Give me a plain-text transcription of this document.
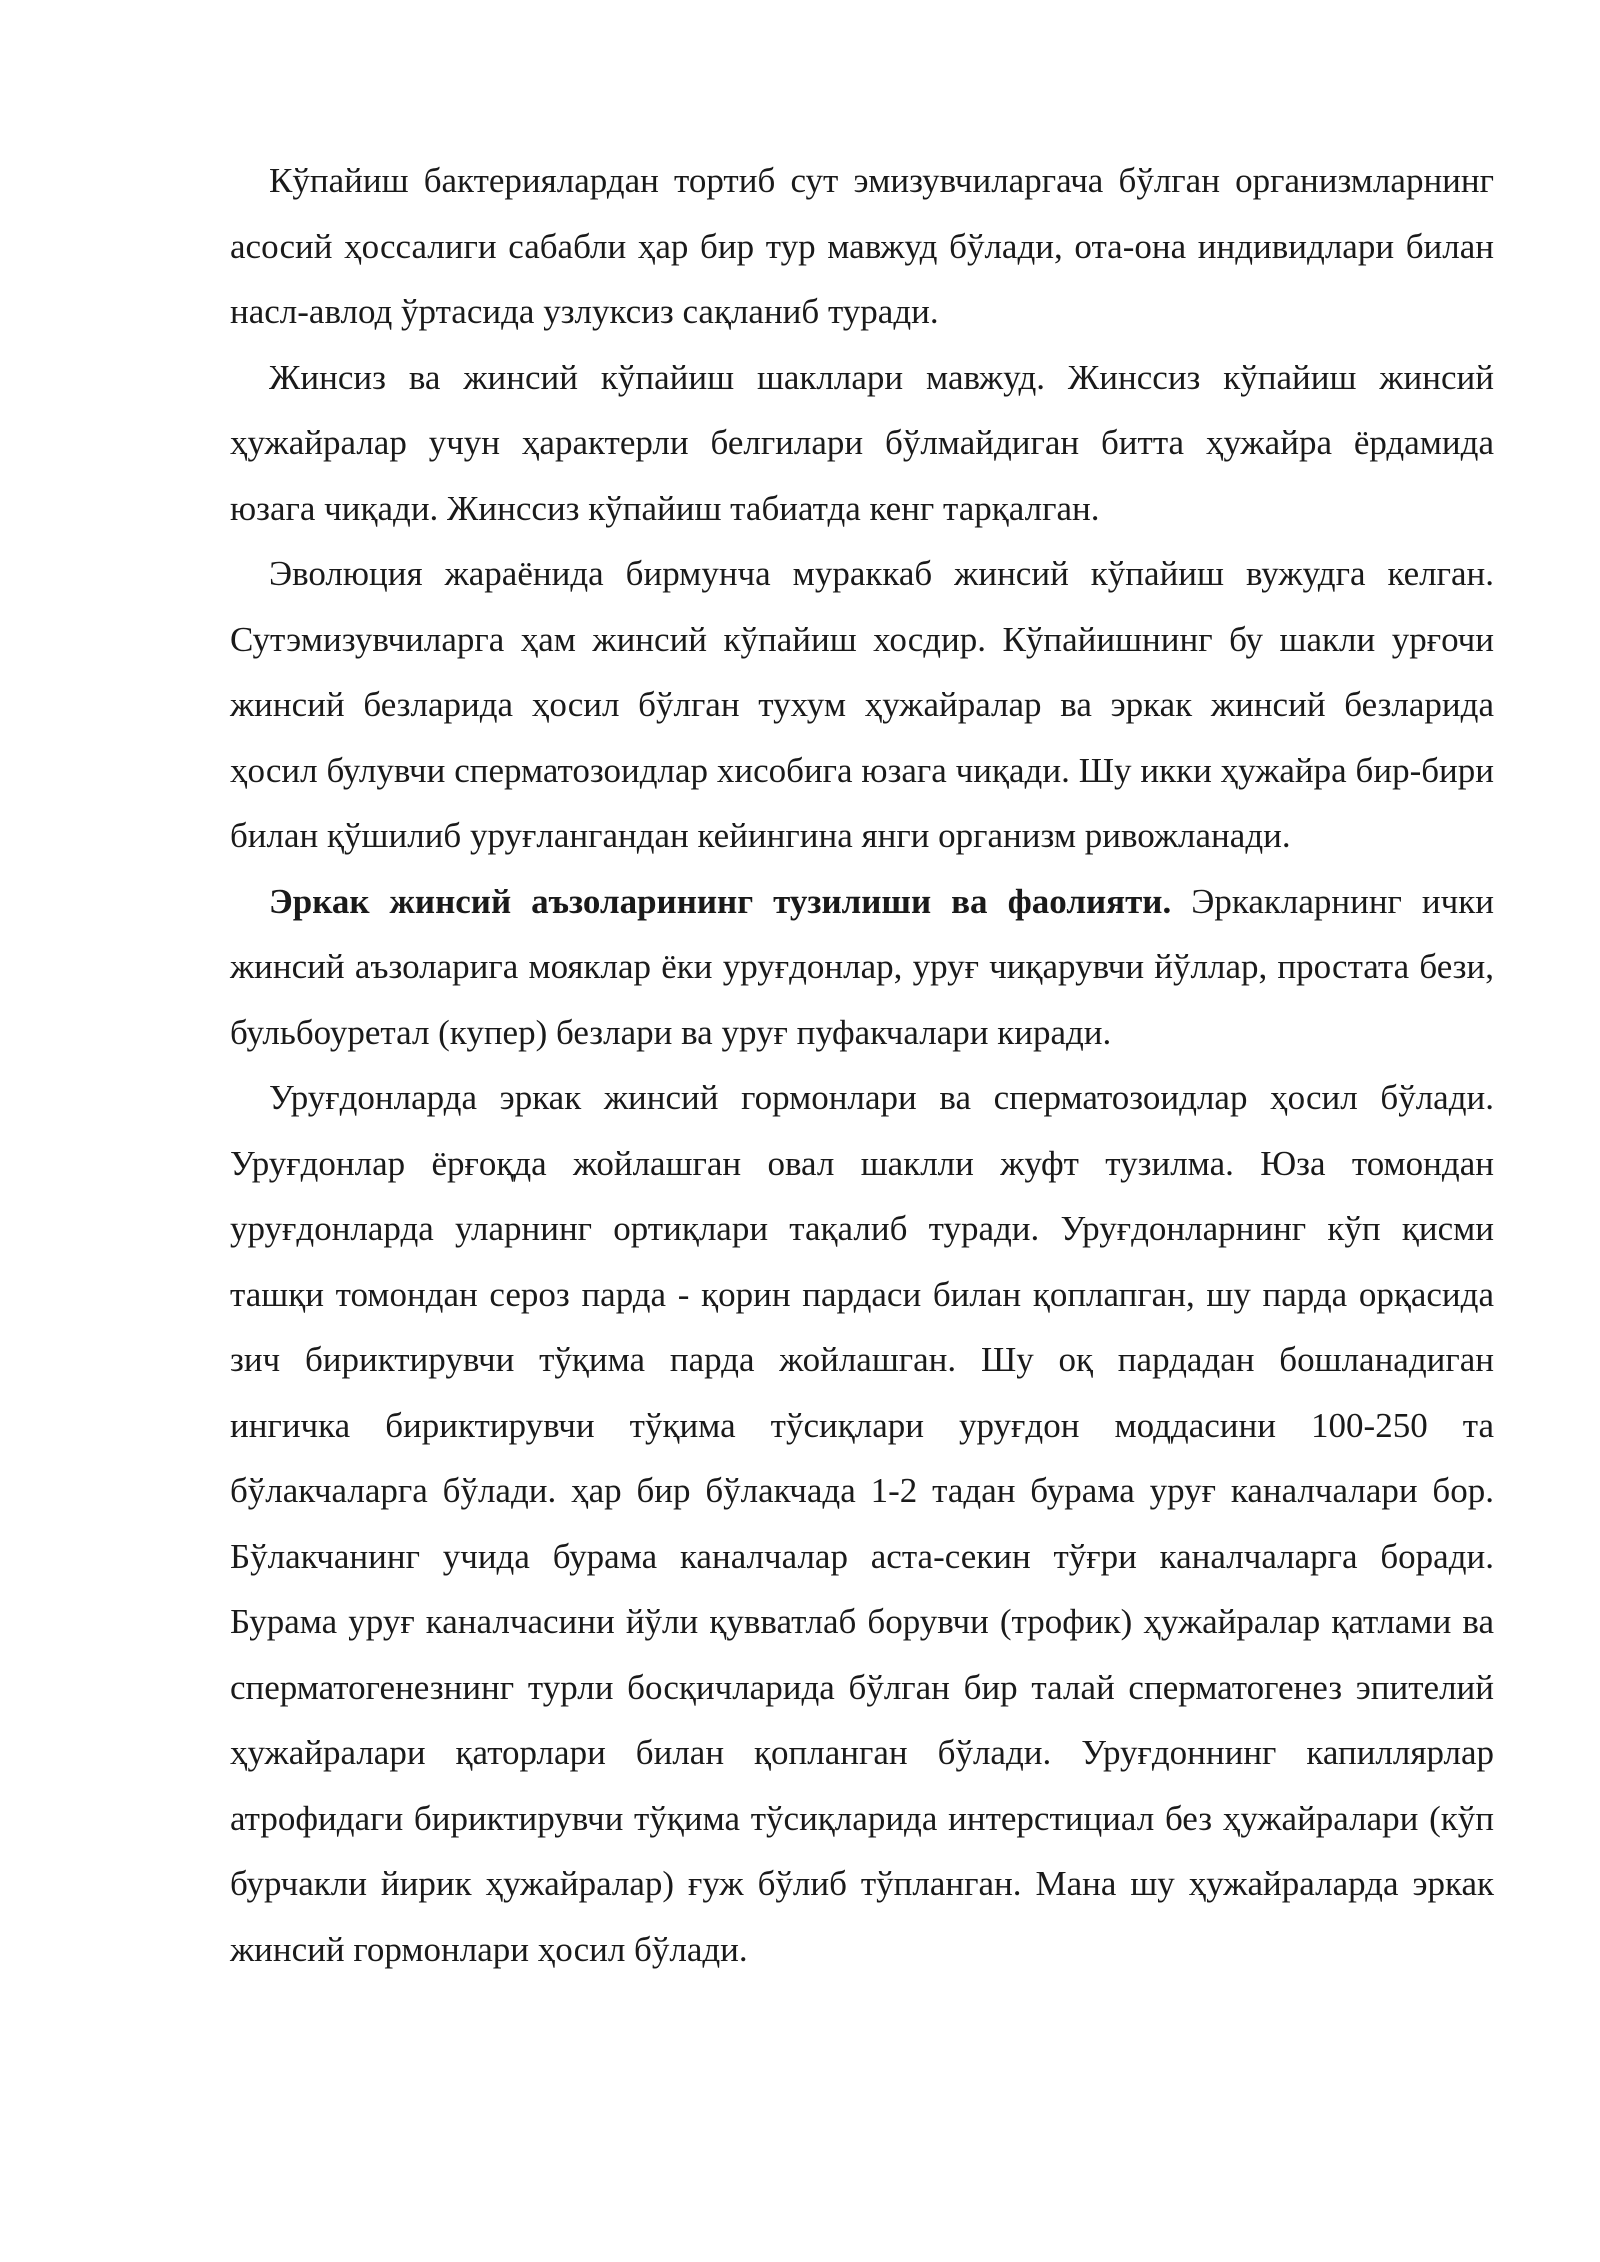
Кўпайиш бактериялардан тортиб сут эмизувчиларгача бўлган организмларнинг асосий ҳоссалиги сабабли ҳар бир тур мавжуд бўлади, ота-она индивидлари билан насл-авлод ўртасида узлуксиз сақланиб туради.

Жинсиз ва жинсий кўпайиш шакллари мавжуд. Жинссиз кўпайиш жинсий ҳужайралар учун ҳарактерли белгилари бўлмайдиган битта ҳужайра ёрдамида юзага чиқади. Жинссиз кўпайиш табиатда кенг тарқалган.

Эволюция жараёнида бирмунча мураккаб жинсий кўпайиш вужудга келган. Сутэмизувчиларга ҳам жинсий кўпайиш хосдир. Кўпайишнинг бу шакли урғочи жинсий безларида ҳосил бўлган тухум ҳужайралар ва эркак жинсий безларида ҳосил булувчи сперматозоидлар хисобига юзага чиқади. Шу икки ҳужайра бир-бири билан қўшилиб уруғлангандан кейингина янги организм ривожланади.

Эркак жинсий аъзоларининг тузилиши ва фаолияти. Эркакларнинг ички жинсий аъзоларига мояклар ёки уруғдонлар, уруғ чиқарувчи йўллар, простата бези, бульбоуретал (купер) безлари ва уруғ пуфакчалари киради.

Уруғдонларда эркак жинсий гормонлари ва сперматозоидлар ҳосил бўлади. Уруғдонлар ёрғоқда жойлашган овал шаклли жуфт тузилма. Юза томондан уруғдонларда уларнинг ортиқлари тақалиб туради. Уруғдонларнинг кўп қисми ташқи томондан сероз парда - қорин пардаси билан қоплапган, шу парда орқасида зич бириктирувчи тўқима парда жойлашган. Шу оқ пардадан бошланадиган ингичка бириктирувчи тўқима тўсиқлари уруғдон моддасини 100-250 та бўлакчаларга бўлади. ҳар бир бўлакчада 1-2 тадан бурама уруғ каналчалари бор. Бўлакчанинг учида бурама каналчалар аста-секин тўғри каналчаларга боради. Бурама уруғ каналчасини йўли қувватлаб борувчи (трофик) ҳужайралар қатлами ва сперматогенезнинг турли босқичларида бўлган бир талай сперматогенез эпителий ҳужайралари қаторлари билан қопланган бўлади. Уруғдоннинг капиллярлар атрофидаги бириктирувчи тўқима тўсиқларида интерстициал без ҳужайралари (кўп бурчакли йирик ҳужайралар) ғуж бўлиб тўпланган. Мана шу ҳужайраларда эркак жинсий гормонлари ҳосил бўлади.
